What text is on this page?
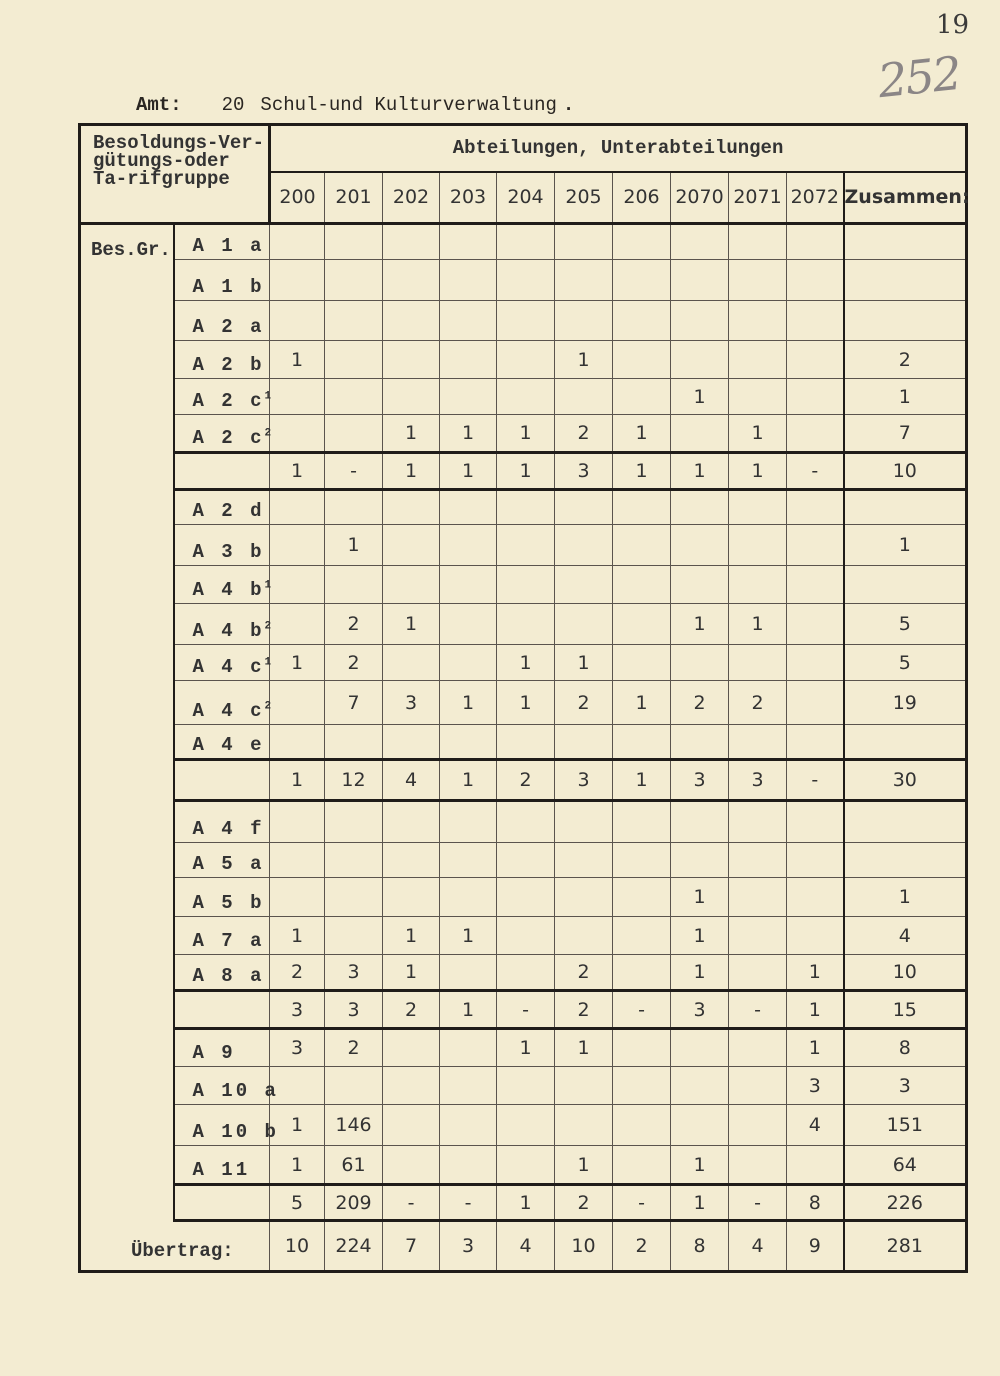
19
252
Amt: 20 Schul-und Kulturverwaltung .
Besoldungs-Ver-gütungs-oder Ta-rifgruppe		Abteilungen, Unterabteilungen										
		200	201	202	203	204	205	206	2070	2071	2072	Zusammen:
Bes.Gr.	A 1 a											
	A 1 b											
	A 2 a											
	A 2 b	1					1					2
	A 2 $c^1$								1			1
	A 2 $c^2$			1	1	1	2	1		1		7
		1	-	1	1	1	3	1	1	1	-	10
	A 2 d											
	A 3 b		1									1
	A 4 $b^1$											
	A 4 $b^2$		2	1					1	1		5
	A 4 $c^1$	1	2			1	1					5
	A 4 $c^2$		7	3	1	1	2	1	2	2		19
	A 4 e											
		1	12	4	1	2	3	1	3	3	-	30
	A 4 f											
	A 5 a											
	A 5 b								1			1
	A 7 a	1		1	1				1			4
	A 8 a	2	3	1			2		1		1	10
		3	3	2	1	-	2	-	3	-	1	15
	A 9	3	2			1	1				1	8
	A 10 a										3	3
	A 10 b	1	146								4	151
	A 11	1	61				1		1			64
		5	209	-	-	1	2	-	1	-	8	226
Übertrag:		10	224	7	3	4	10	2	8	4	9	281
